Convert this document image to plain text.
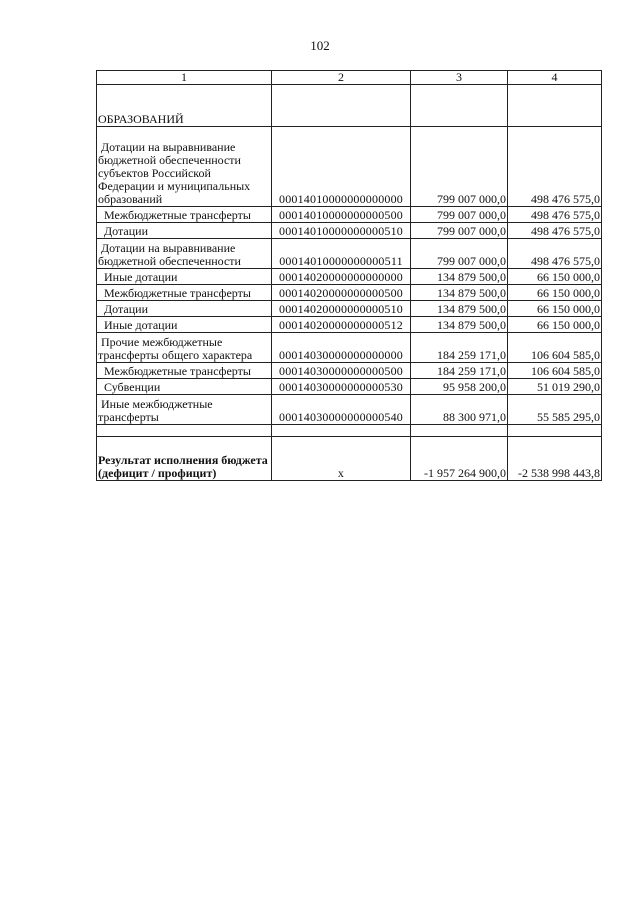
102
1	2	3	4
ОБРАЗОВАНИЙ			
Дотации на выравнивание бюджетной обеспеченности субъектов Российской Федерации и муниципальных образований	00014010000000000000	799 007 000,0	498 476 575,0
Межбюджетные трансферты	00014010000000000500	799 007 000,0	498 476 575,0
Дотации	00014010000000000510	799 007 000,0	498 476 575,0
Дотации на выравнивание бюджетной обеспеченности	00014010000000000511	799 007 000,0	498 476 575,0
Иные дотации	00014020000000000000	134 879 500,0	66 150 000,0
Межбюджетные трансферты	00014020000000000500	134 879 500,0	66 150 000,0
Дотации	00014020000000000510	134 879 500,0	66 150 000,0
Иные дотации	00014020000000000512	134 879 500,0	66 150 000,0
Прочие межбюджетные трансферты общего характера	00014030000000000000	184 259 171,0	106 604 585,0
Межбюджетные трансферты	00014030000000000500	184 259 171,0	106 604 585,0
Субвенции	00014030000000000530	95 958 200,0	51 019 290,0
Иные межбюджетные трансферты	00014030000000000540	88 300 971,0	55 585 295,0

Результат исполнения бюджета (дефицит / профицит)	x	-1 957 264 900,0	-2 538 998 443,8
